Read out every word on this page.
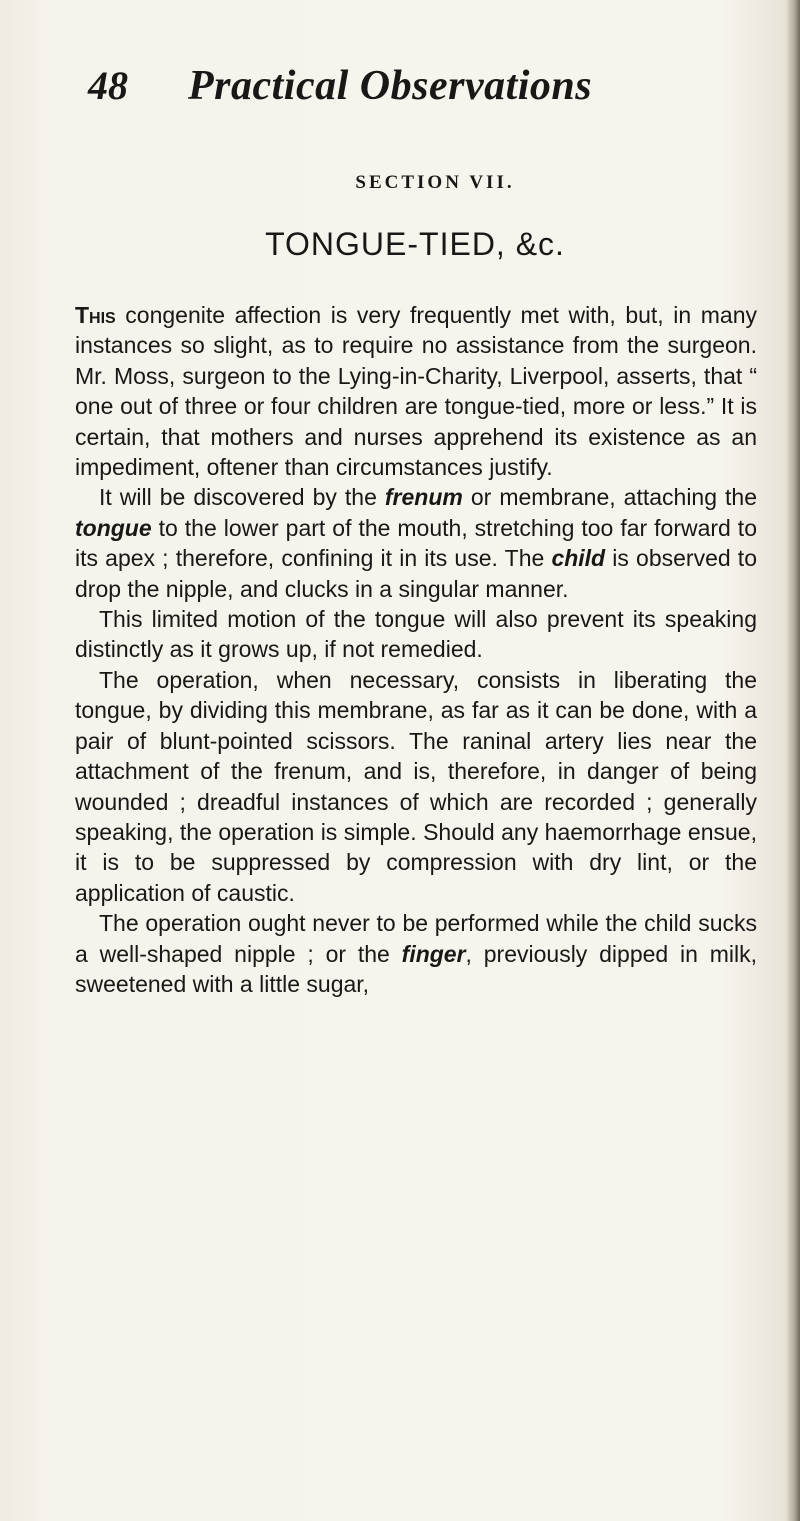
48 Practical Observations
SECTION VII.
TONGUE-TIED, &c.

This congenite affection is very frequently met with, but, in many instances so slight, as to require no assistance from the surgeon. Mr. Moss, surgeon to the Lying-in-Charity, Liverpool, asserts, that “ one out of three or four children are tongue-tied, more or less.” It is certain, that mothers and nurses apprehend its existence as an impediment, oftener than circumstances justify.

It will be discovered by the frenum or membrane, attaching the tongue to the lower part of the mouth, stretching too far forward to its apex ; therefore, confining it in its use. The child is observed to drop the nipple, and clucks in a singular manner.

This limited motion of the tongue will also prevent its speaking distinctly as it grows up, if not remedied.

The operation, when necessary, consists in liberating the tongue, by dividing this membrane, as far as it can be done, with a pair of blunt-pointed scissors. The raninal artery lies near the attachment of the frenum, and is, therefore, in danger of being wounded ; dreadful instances of which are recorded ; generally speaking, the operation is simple. Should any haemorrhage ensue, it is to be suppressed by compression with dry lint, or the application of caustic.

The operation ought never to be performed while the child sucks a well-shaped nipple ; or the finger, previously dipped in milk, sweetened with a little sugar,
